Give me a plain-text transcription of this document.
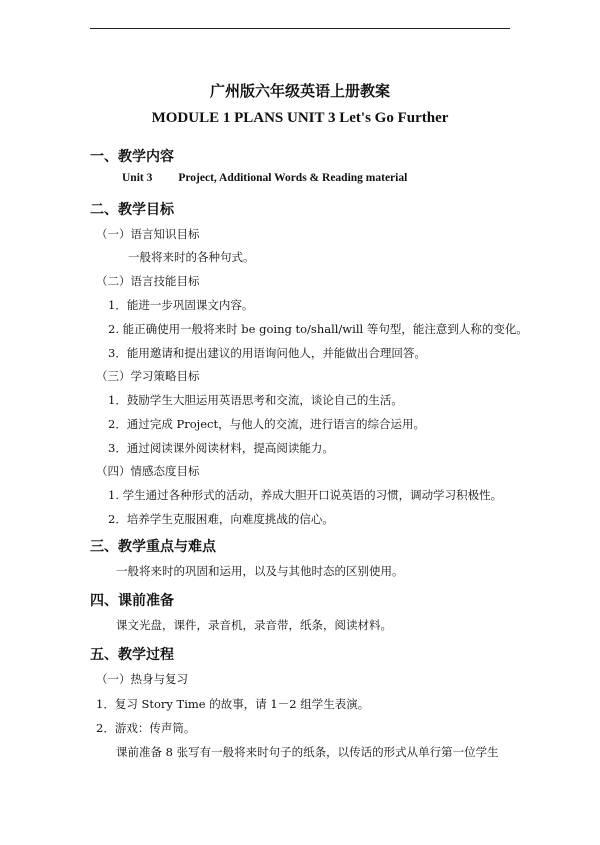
广州版六年级英语上册教案
MODULE 1 PLANS UNIT 3 Let's Go Further
一、教学内容
Unit 3 Project, Additional Words & Reading material
二、教学目标
（一）语言知识目标
一般将来时的各种句式。
（二）语言技能目标
1．能进一步巩固课文内容。
2. 能正确使用一般将来时 be going to/shall/will 等句型，能注意到人称的变化。
3．能用邀请和提出建议的用语询问他人，并能做出合理回答。
（三）学习策略目标
1．鼓励学生大胆运用英语思考和交流，谈论自己的生活。
2．通过完成 Project，与他人的交流，进行语言的综合运用。
3．通过阅读课外阅读材料，提高阅读能力。
（四）情感态度目标
1. 学生通过各种形式的活动，养成大胆开口说英语的习惯，调动学习积极性。
2．培养学生克服困难，向难度挑战的信心。
三、教学重点与难点
一般将来时的巩固和运用，以及与其他时态的区别使用。
四、课前准备
课文光盘，课件，录音机，录音带，纸条，阅读材料。
五、教学过程
（一）热身与复习
1．复习 Story Time 的故事，请 1－2 组学生表演。
2．游戏：传声筒。
课前准备 8 张写有一般将来时句子的纸条，以传话的形式从单行第一位学生
